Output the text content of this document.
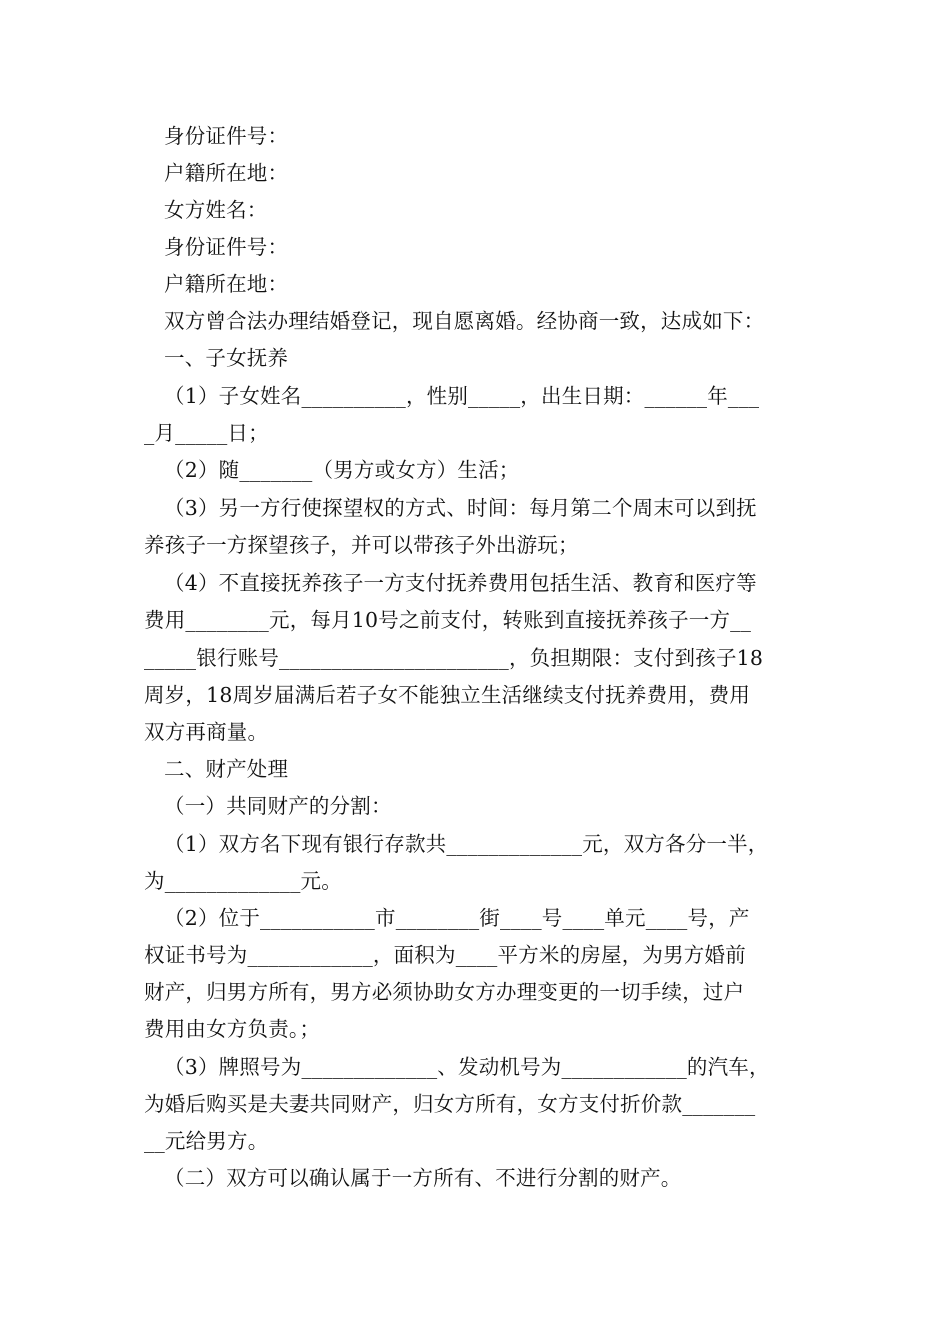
身份证件号：
户籍所在地：
女方姓名：
身份证件号：
户籍所在地：
双方曾合法办理结婚登记，现自愿离婚。经协商一致，达成如下：
一、子女抚养
（1）子女姓名__________，性别_____，出生日期：______年___
_月_____日；
（2）随_______（男方或女方）生活；
（3）另一方行使探望权的方式、时间：每月第二个周末可以到抚
养孩子一方探望孩子，并可以带孩子外出游玩；
（4）不直接抚养孩子一方支付抚养费用包括生活、教育和医疗等
费用________元，每月10号之前支付，转账到直接抚养孩子一方__
_____银行账号______________________，负担期限：支付到孩子18
周岁，18周岁届满后若子女不能独立生活继续支付抚养费用，费用
双方再商量。
二、财产处理
（一）共同财产的分割：
（1）双方名下现有银行存款共_____________元，双方各分一半，
为_____________元。
（2）位于___________市________街____号____单元____号，产
权证书号为____________，面积为____平方米的房屋，为男方婚前
财产，归男方所有，男方必须协助女方办理变更的一切手续，过户
费用由女方负责。；
（3）牌照号为_____________、发动机号为____________的汽车，
为婚后购买是夫妻共同财产，归女方所有，女方支付折价款_______
__元给男方。
（二）双方可以确认属于一方所有、不进行分割的财产。
